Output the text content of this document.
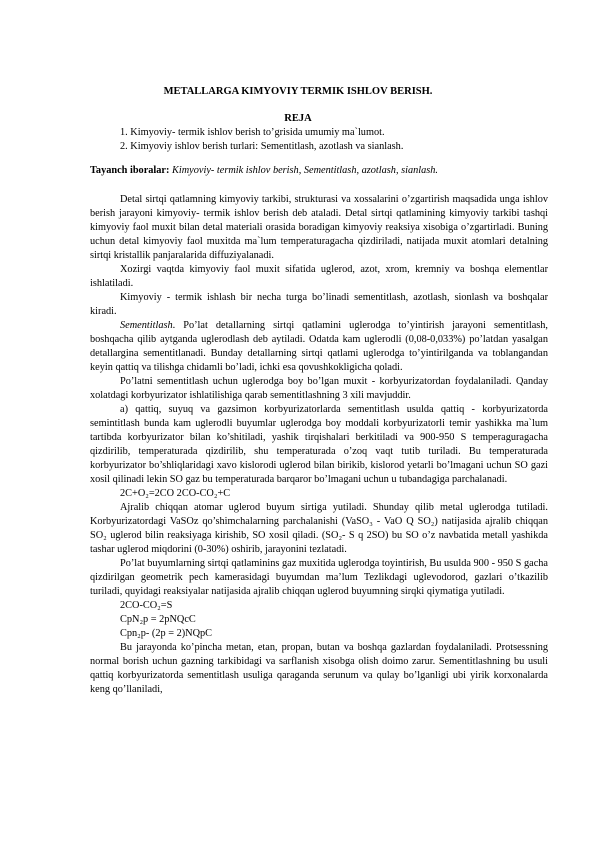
METALLARGA KIMYOVIY TERMIK ISHLOV BERISH.
REJA
1. Kimyoviy- termik ishlov berish to’grisida umumiy ma`lumot.
2. Kimyoviy ishlov berish turlari: Sementitlash, azotlash va sianlash.
Tayanch iboralar: Kimyoviy- termik ishlov berish, Sementitlash, azotlash, sianlash.

Detal sirtqi qatlamning kimyoviy tarkibi, strukturasi va xossalarini o’zgartirish maqsadida unga ishlov berish jarayoni kimyoviy- termik ishlov berish deb ataladi. Detal sirtqi qatlamining kimyoviy tarkibi tashqi kimyoviy faol muxit bilan detal materiali orasida boradigan kimyoviy reaksiya xisobiga o’zgartirladi. Buning uchun detal kimyoviy faol muxitda ma`lum temperaturagacha qizdiriladi, natijada muxit atomlari detalning sirtqi kristallik panjaralarida diffuziyalanadi.

Xozirgi vaqtda kimyoviy faol muxit sifatida uglerod, azot, xrom, kremniy va boshqa elementlar ishlatiladi.

Kimyoviy - termik ishlash bir necha turga bo’linadi sementitlash, azotlash, sionlash va boshqalar kiradi.

Sementitlash. Po’lat detallarning sirtqi qatlamini uglerodga to’yintirish jarayoni sementitlash, boshqacha qilib aytganda uglerodlash deb aytiladi. Odatda kam uglerodli (0,08-0,033%) po’latdan yasalgan detallargina sementitlanadi. Bunday detallarning sirtqi qatlami uglerodga to’yintirilganda va toblangandan keyin qattiq va tilishga chidamli bo’ladi, ichki esa qovushkokligicha qoladi.

Po’latni sementitlash uchun uglerodga boy bo’lgan muxit - korbyurizatordan foydalaniladi. Qanday xolatdagi korbyurizator ishlatilishiga qarab sementitlashning 3 xili mavjuddir.

a) qattiq, suyuq va gazsimon korbyurizatorlarda sementitlash usulda qattiq - korbyurizatorda semintitlash bunda kam uglerodli buyumlar uglerodga boy moddali korbyurizatorli temir yashikka ma`lum tartibda korbyurizator bilan ko’shitiladi, yashik tirqishalari berkitiladi va 900-950 S temperaguragacha qizdirilib, temperaturada qizdirilib, shu temperaturada o’zoq vaqt tutib turiladi. Bu temperaturada korbyurizator bo’shliqlaridagi xavo kislorodi uglerod bilan birikib, kislorod yetarli bo’lmagani uchun SO gazi xosil qilinadi lekin SO gaz bu temperaturada barqaror bo’lmagani uchun u tubandagiga parchalanadi.

2C+O₂=2CO 2CO-CO₂+C

Ajralib chiqqan atomar uglerod buyum sirtiga yutiladi. Shunday qilib metal uglerodga tutiladi. Korbyurizatordagi VaSOz qo’shimchalarning parchalanishi (VaSO₃ - VaO Q SO₂) natijasida ajralib chiqqan SO₂ uglerod bilin reaksiyaga kirishib, SO xosil qiladi. (SO₂- S q 2SO) bu SO o’z navbatida metall yashikda tashar uglerod miqdorini (0-30%) oshirib, jarayonini tezlatadi.

Po’lat buyumlarning sirtqi qatlaminins gaz muxitida uglerodga toyintirish, Bu usulda 900 - 950 S gacha qizdirilgan geometrik pech kamerasidagi buyumdan ma’lum Tezlikdagi uglevodorod, gazlari o’tkazilib turiladi, quyidagi reaksiyalar natijasida ajralib chiqqan uglerod buyumning sirqki qiymatiga yutiladi.

2CO-CO₂=S
CpN₂p = 2pNQcC
Cpn₂p- (2p = 2)NQpC

Bu jarayonda ko’pincha metan, etan, propan, butan va boshqa gazlardan foydalaniladi. Protsessning normal borish uchun gazning tarkibidagi va sarflanish xisobga olish doimo zarur. Sementitlashning bu usuli qattiq korbyurizatorda sementitlash usuliga qaraganda serunum va qulay bo’lganligi ubi yirik korxonalarda keng qo’llaniladi,
